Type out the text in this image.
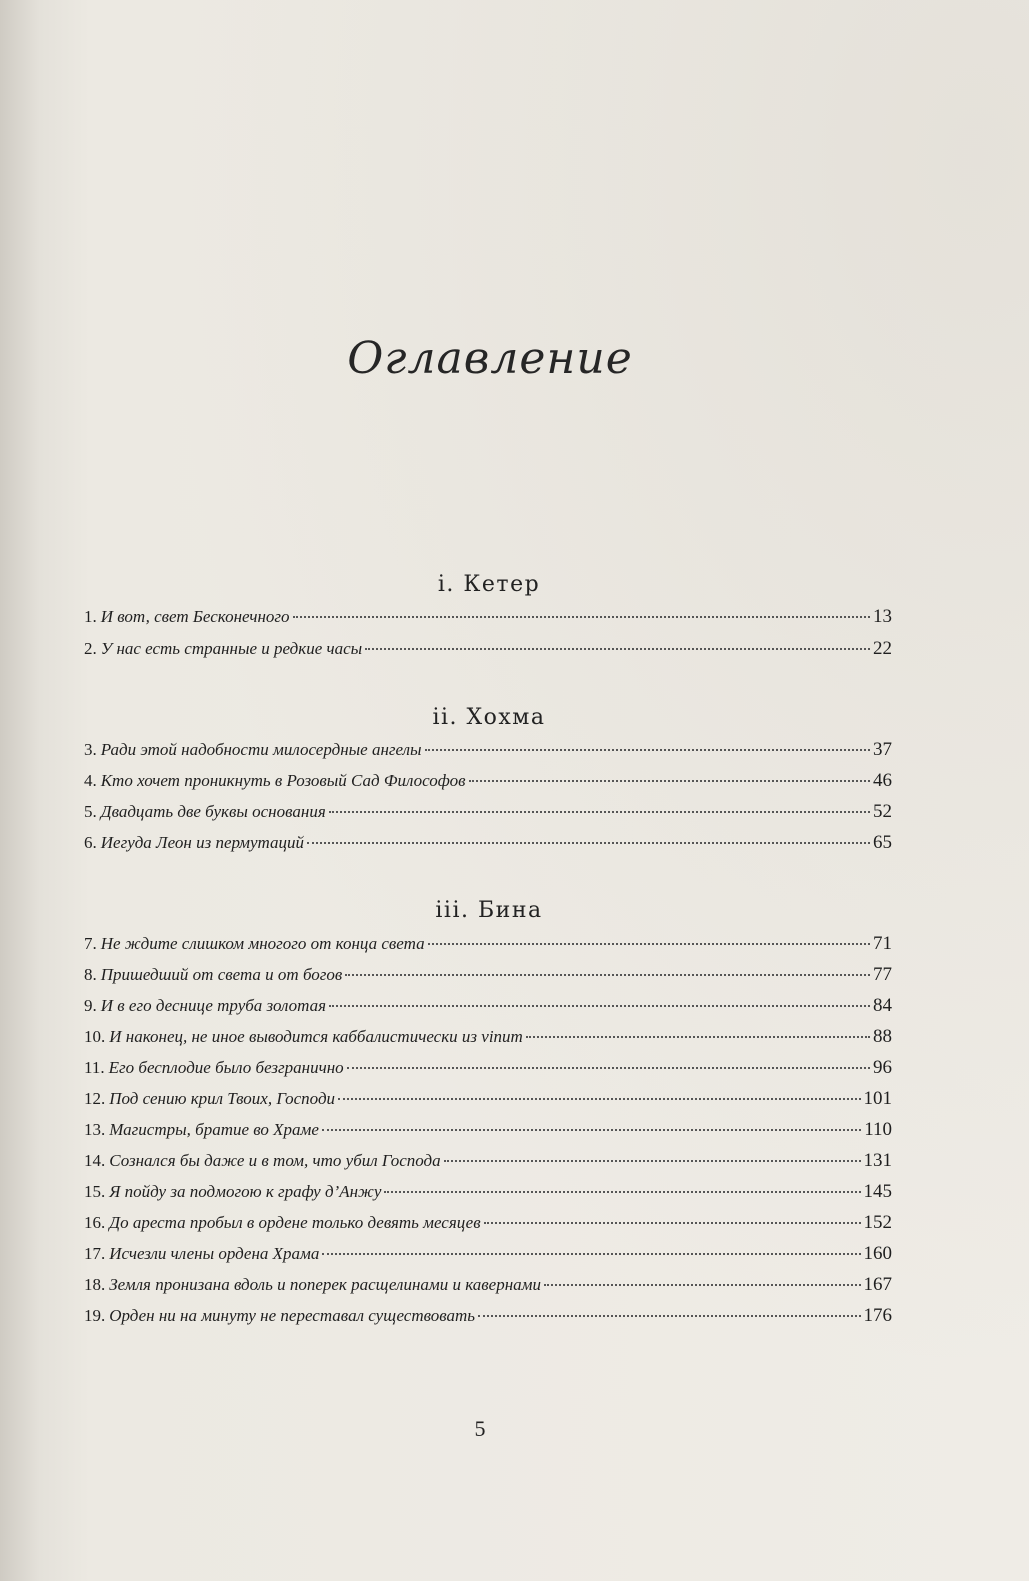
Оглавление
i. Кетер
1. И вот, свет Бесконечного	13
2. У нас есть странные и редкие часы	22
ii. Хохма
3. Ради этой надобности милосердные ангелы	37
4. Кто хочет проникнуть в Розовый Сад Философов	46
5. Двадцать две буквы основания	52
6. Иегуда Леон из пермутаций	65
iii. Бина
7. Не ждите слишком многого от конца света	71
8. Пришедший от света и от богов	77
9. И в его деснице труба золотая	84
10. И наконец, не иное выводится каббалистически из vinum	88
11. Его бесплодие было безгранично	96
12. Под сению крил Твоих, Господи	101
13. Магистры, братие во Храме	110
14. Сознался бы даже и в том, что убил Господа	131
15. Я пойду за подмогою к графу д’Анжу	145
16. До ареста пробыл в ордене только девять месяцев	152
17. Исчезли члены ордена Храма	160
18. Земля пронизана вдоль и поперек расщелинами и кавернами	167
19. Орден ни на минуту не переставал существовать	176
5
